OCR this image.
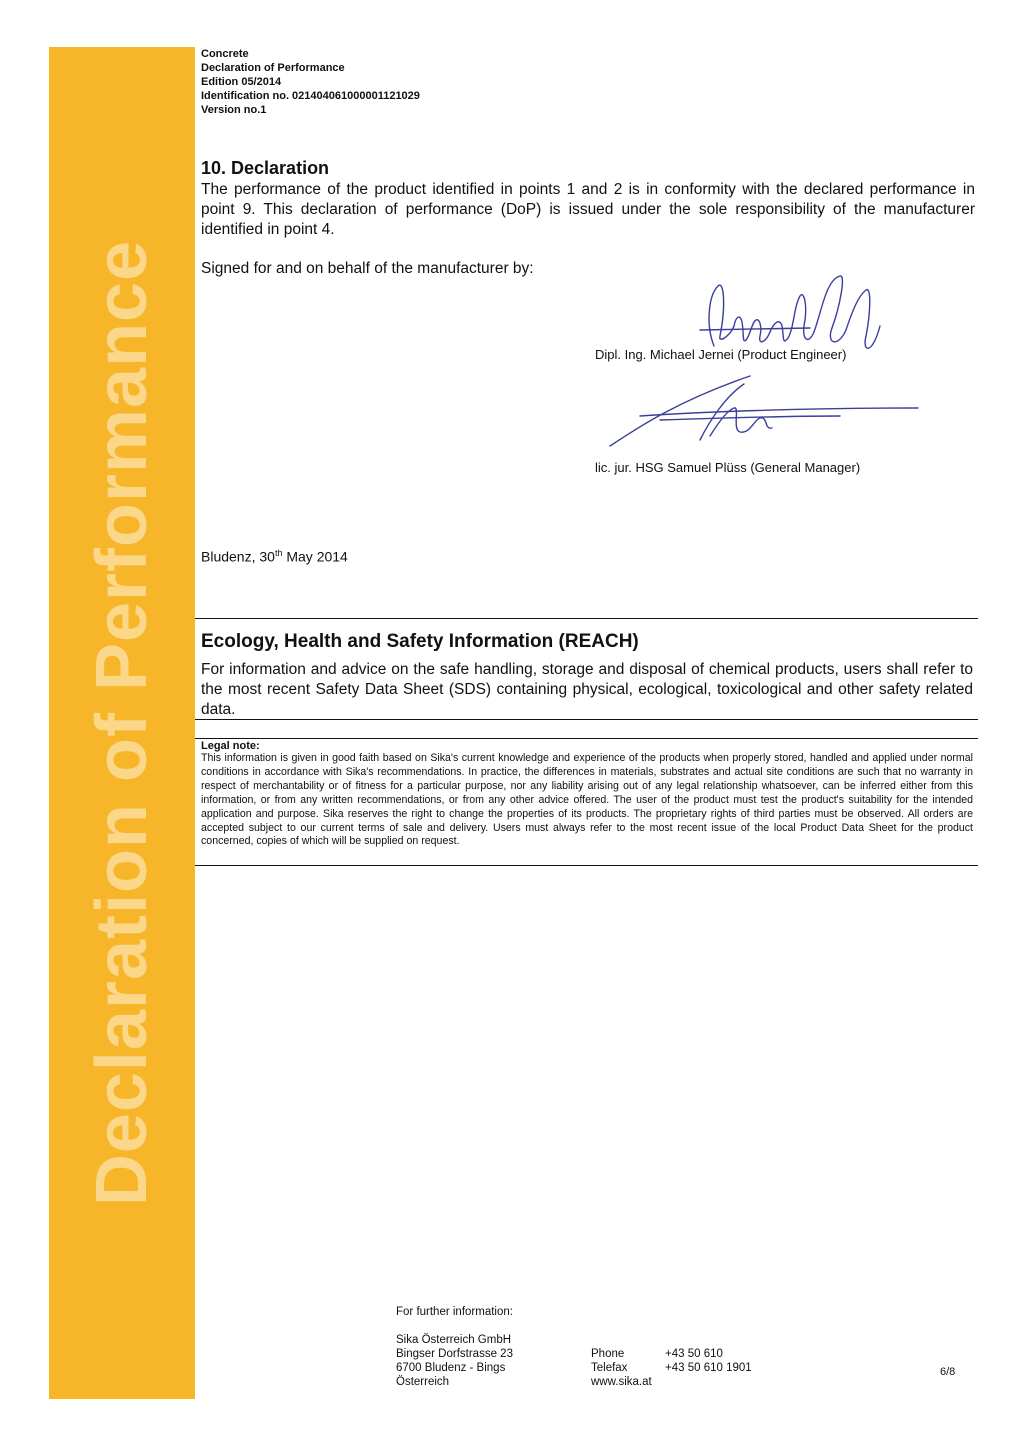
Declaration of Performance
Concrete
Declaration of Performance
Edition 05/2014
Identification no. 021404061000001121029
Version no.1
10. Declaration
The performance of the product identified in points 1 and 2 is in conformity with the declared performance in point 9. This declaration of performance (DoP) is issued under the sole responsibility of the manufacturer identified in point 4.
Signed for and on behalf of the manufacturer by:
Dipl. Ing. Michael Jernei (Product Engineer)
lic. jur. HSG Samuel Plüss (General Manager)
Bludenz, 30th May 2014
Ecology, Health and Safety Information (REACH)
For information and advice on the safe handling, storage and disposal of chemical products, users shall refer to the most recent Safety Data Sheet (SDS) containing physical, ecological, toxicological and other safety related data.
Legal note:
This information is given in good faith based on Sika's current knowledge and experience of the products when properly stored, handled and applied under normal conditions in accordance with Sika's recommendations. In practice, the differences in materials, substrates and actual site conditions are such that no warranty in respect of merchantability or of fitness for a particular purpose, nor any liability arising out of any legal relationship whatsoever, can be inferred either from this information, or from any written recommendations, or from any other advice offered. The user of the product must test the product's suitability for the intended application and purpose. Sika reserves the right to change the properties of its products. The proprietary rights of third parties must be observed. All orders are accepted subject to our current terms of sale and delivery. Users must always refer to the most recent issue of the local Product Data Sheet for the product concerned, copies of which will be supplied on request.
For further information:
Sika Österreich GmbH
Bingser Dorfstrasse 23
6700 Bludenz - Bings
Österreich
Phone	+43 50 610
Telefax	+43 50 610 1901
www.sika.at
6/8
